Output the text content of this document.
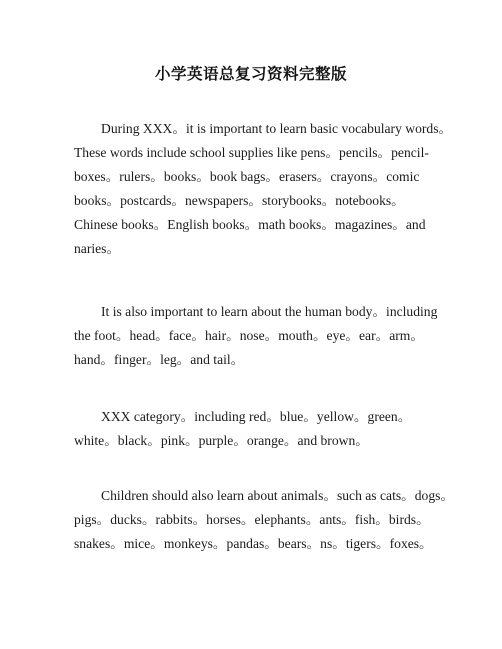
小学英语总复习资料完整版

During XXX。it is important to learn basic vocabulary words。
These words include school supplies like pens。pencils。pencil-
boxes。rulers。books。book bags。erasers。crayons。comic
books。postcards。newspapers。storybooks。notebooks。
Chinese books。English books。math books。magazines。and
naries。

It is also important to learn about the human body。including
the foot。head。face。hair。nose。mouth。eye。ear。arm。
hand。finger。leg。and tail。

XXX category。including red。blue。yellow。green。
white。black。pink。purple。orange。and brown。

Children should also learn about animals。such as cats。dogs。
pigs。ducks。rabbits。horses。elephants。ants。fish。birds。
snakes。mice。monkeys。pandas。bears。ns。tigers。foxes。
